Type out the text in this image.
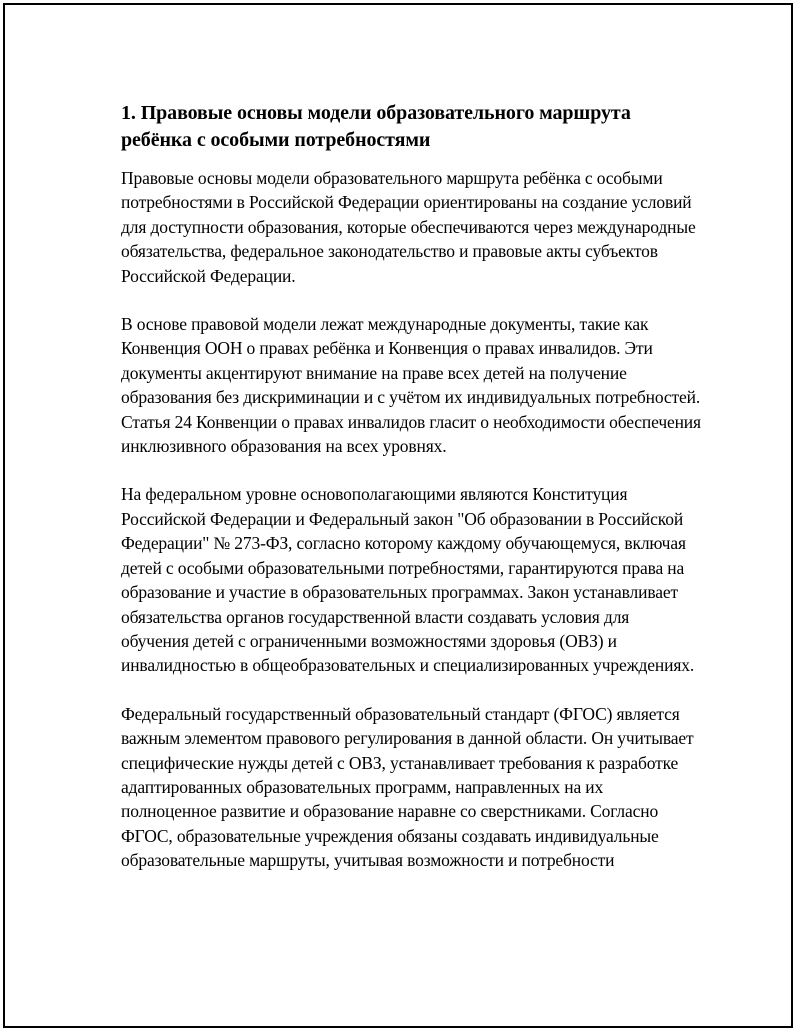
1. Правовые основы модели образовательного маршрута ребёнка с особыми потребностями

Правовые основы модели образовательного маршрута ребёнка с особыми потребностями в Российской Федерации ориентированы на создание условий для доступности образования, которые обеспечиваются через международные обязательства, федеральное законодательство и правовые акты субъектов Российской Федерации.

В основе правовой модели лежат международные документы, такие как Конвенция ООН о правах ребёнка и Конвенция о правах инвалидов. Эти документы акцентируют внимание на праве всех детей на получение образования без дискриминации и с учётом их индивидуальных потребностей. Статья 24 Конвенции о правах инвалидов гласит о необходимости обеспечения инклюзивного образования на всех уровнях.

На федеральном уровне основополагающими являются Конституция Российской Федерации и Федеральный закон "Об образовании в Российской Федерации" № 273-ФЗ, согласно которому каждому обучающемуся, включая детей с особыми образовательными потребностями, гарантируются права на образование и участие в образовательных программах. Закон устанавливает обязательства органов государственной власти создавать условия для обучения детей с ограниченными возможностями здоровья (ОВЗ) и инвалидностью в общеобразовательных и специализированных учреждениях.

Федеральный государственный образовательный стандарт (ФГОС) является важным элементом правового регулирования в данной области. Он учитывает специфические нужды детей с ОВЗ, устанавливает требования к разработке адаптированных образовательных программ, направленных на их полноценное развитие и образование наравне со сверстниками. Согласно ФГОС, образовательные учреждения обязаны создавать индивидуальные образовательные маршруты, учитывая возможности и потребности
